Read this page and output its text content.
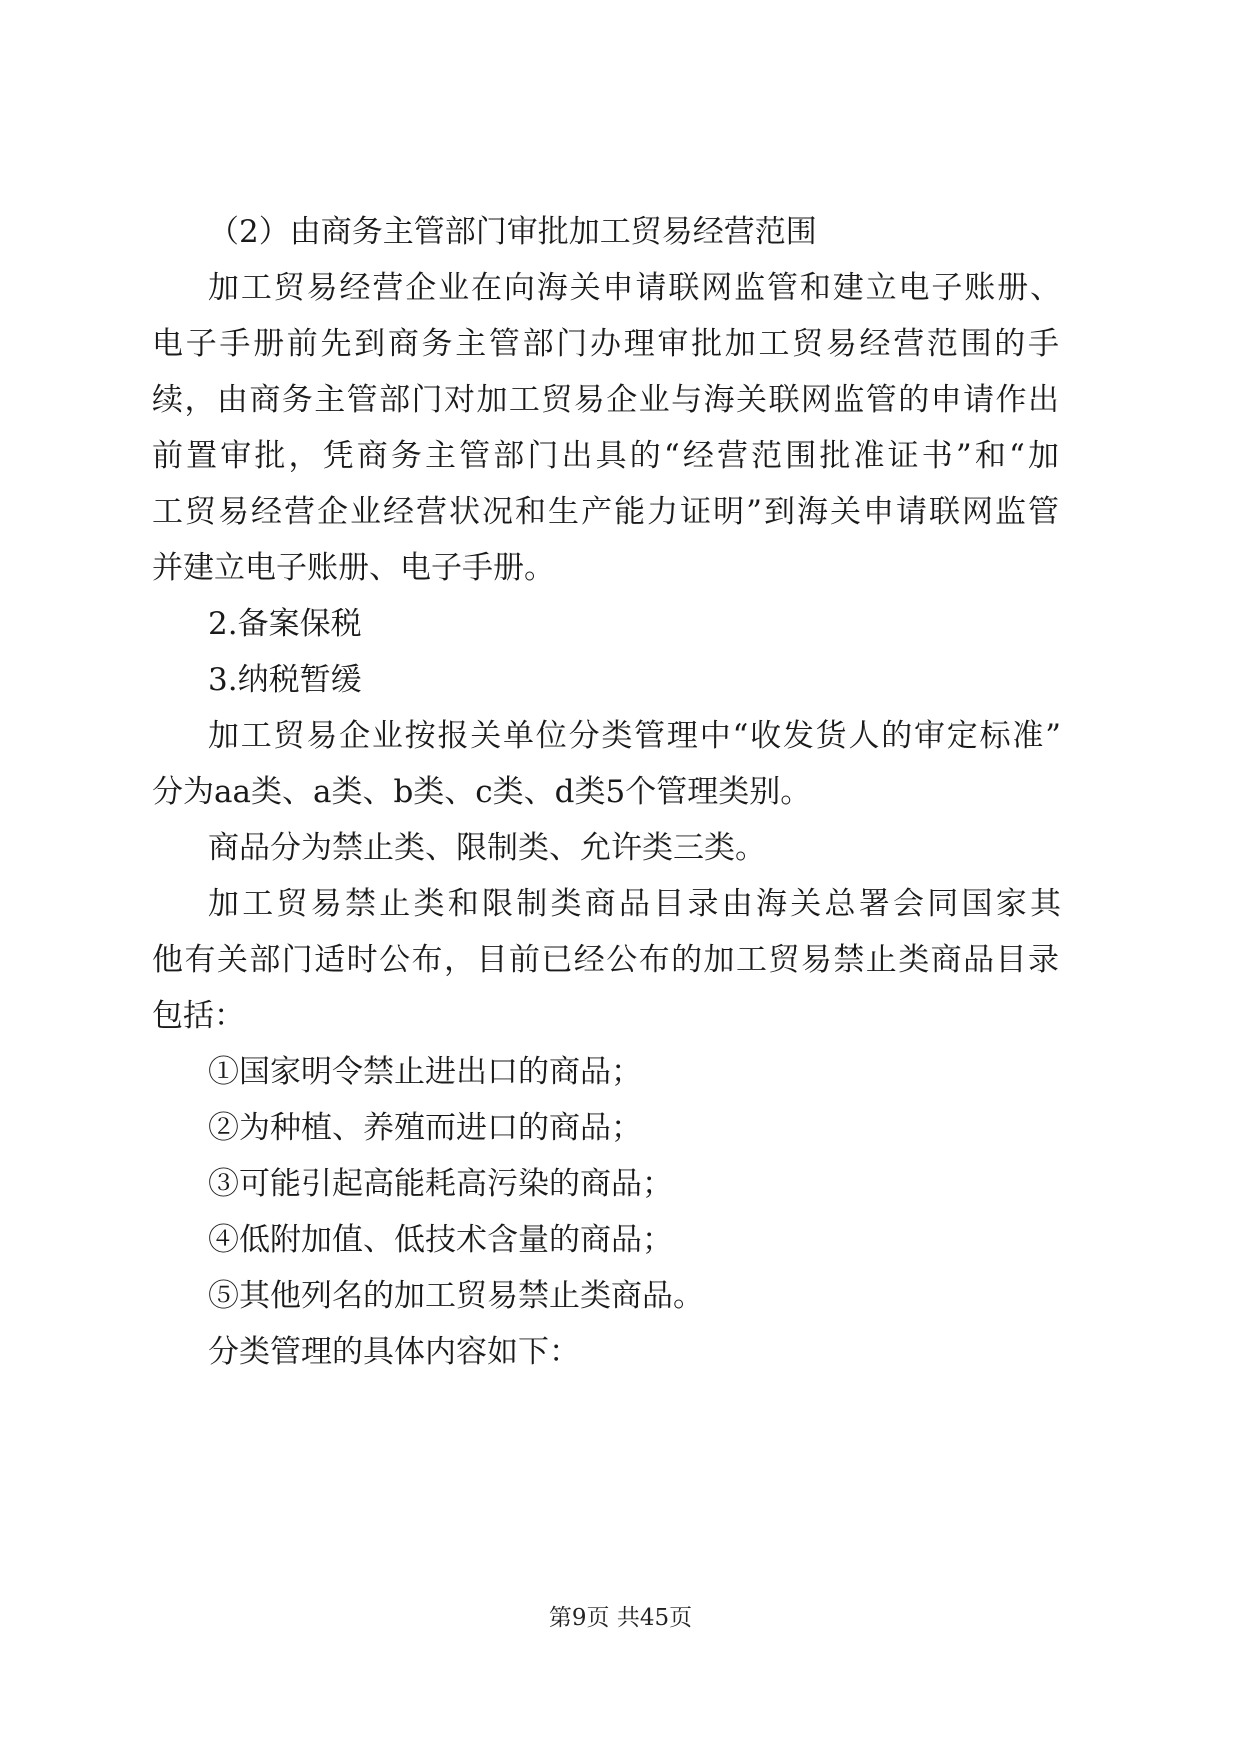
（2）由商务主管部门审批加工贸易经营范围
加工贸易经营企业在向海关申请联网监管和建立电子账册、
电子手册前先到商务主管部门办理审批加工贸易经营范围的手
续，由商务主管部门对加工贸易企业与海关联网监管的申请作出
前置审批，凭商务主管部门出具的“经营范围批准证书”和“加
工贸易经营企业经营状况和生产能力证明”到海关申请联网监管
并建立电子账册、电子手册。
2.备案保税
3.纳税暂缓
加工贸易企业按报关单位分类管理中“收发货人的审定标准”
分为aa类、a类、b类、c类、d类5个管理类别。
商品分为禁止类、限制类、允许类三类。
加工贸易禁止类和限制类商品目录由海关总署会同国家其
他有关部门适时公布，目前已经公布的加工贸易禁止类商品目录
包括：
①国家明令禁止进出口的商品；
②为种植、养殖而进口的商品；
③可能引起高能耗高污染的商品；
④低附加值、低技术含量的商品；
⑤其他列名的加工贸易禁止类商品。
分类管理的具体内容如下：
第9页 共45页
